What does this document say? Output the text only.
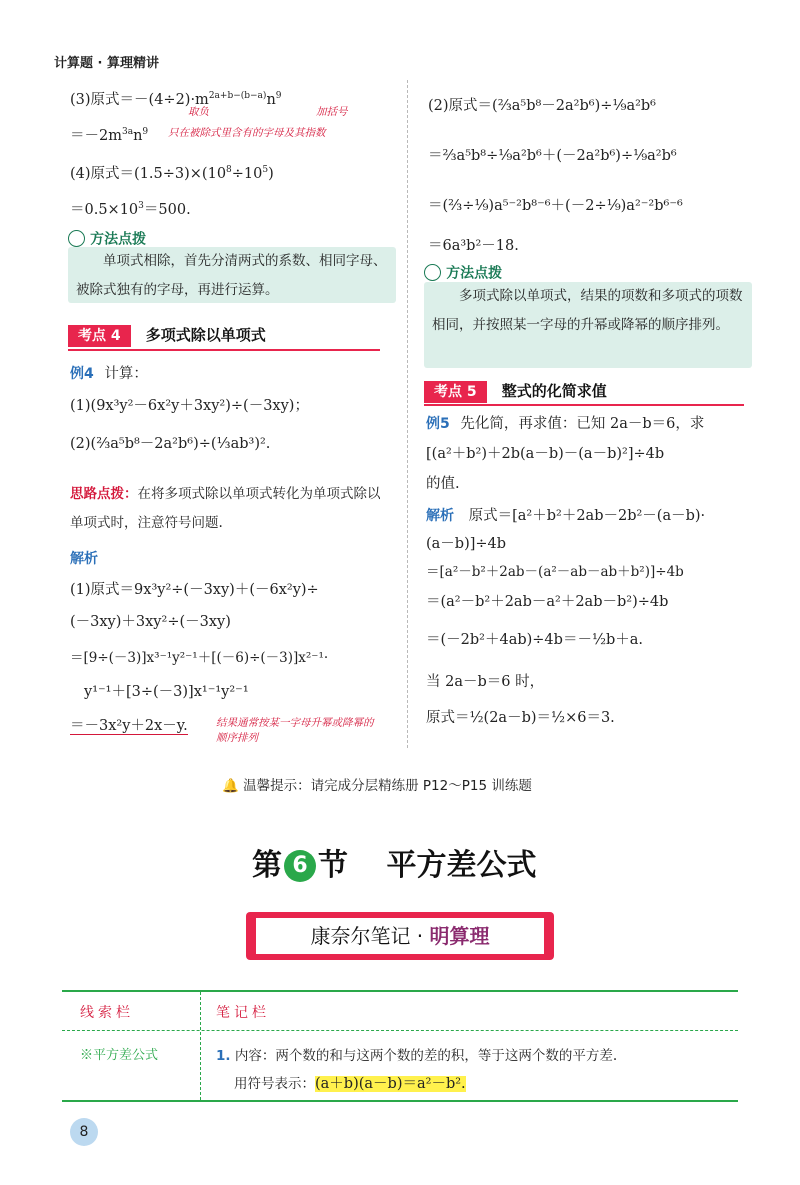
计算题 · 算理精讲
(3)原式$=-(4\div 2)\cdot m^{2a+b-(b-a)}n^9$
取负	加括号
$=-2m^{3a}n^9$ 只在被除式里含有的字母及其指数
(4)原式$=(1.5\div 3)\times(10^8\div 10^5)$
$=0.5\times 10^3=500$.
方法点拨

单项式相除，首先分清两式的系数、相同字母、被除式独有的字母，再进行运算。

考点 4 多项式除以单项式
例4 计算：
(1)(9x³y²－6x²y＋3xy²)÷(－3xy)；
(2)(⅔a⁵b⁸－2a²b⁶)÷(⅓ab³)².
思路点拨：在将多项式除以单项式转化为单项式除以单项式时，注意符号问题.
解析
(1)原式＝9x³y²÷(－3xy)＋(－6x²y)÷
(－3xy)＋3xy²÷(－3xy)
＝[9÷(－3)]x³⁻¹y²⁻¹＋[(－6)÷(－3)]x²⁻¹·
y¹⁻¹＋[3÷(－3)]x¹⁻¹y²⁻¹
＝－3x²y＋2x－y.	结果通常按某一字母升幂或降幂的顺序排列
(2)原式＝(⅔a⁵b⁸－2a²b⁶)÷⅑a²b⁶
＝⅔a⁵b⁸÷⅑a²b⁶＋(－2a²b⁶)÷⅑a²b⁶
＝(⅔÷⅑)a⁵⁻²b⁸⁻⁶＋(－2÷⅑)a²⁻²b⁶⁻⁶
＝6a³b²－18.
方法点拨

多项式除以单项式，结果的项数和多项式的项数相同，并按照某一字母的升幂或降幂的顺序排列。

考点 5 整式的化简求值
例5 先化简，再求值：已知 2a－b＝6，求
[(a²＋b²)＋2b(a－b)－(a－b)²]÷4b
的值.
解析 原式＝[a²＋b²＋2ab－2b²－(a－b)·
(a－b)]÷4b
＝[a²－b²＋2ab－(a²－ab－ab＋b²)]÷4b
＝(a²－b²＋2ab－a²＋2ab－b²)÷4b
＝(－2b²＋4ab)÷4b＝－½b＋a.
当 2a－b＝6 时，
原式＝½(2a－b)＝½×6＝3.
🔔 温馨提示：请完成分层精练册 P12～P15 训练题
第 6 节 平方差公式
康奈尔笔记 · 明算理
线索栏	笔记栏
※平方差公式	1. 内容：两个数的和与这两个数的差的积，等于这两个数的平方差.
用符号表示：(a＋b)(a－b)＝a²－b².
8
